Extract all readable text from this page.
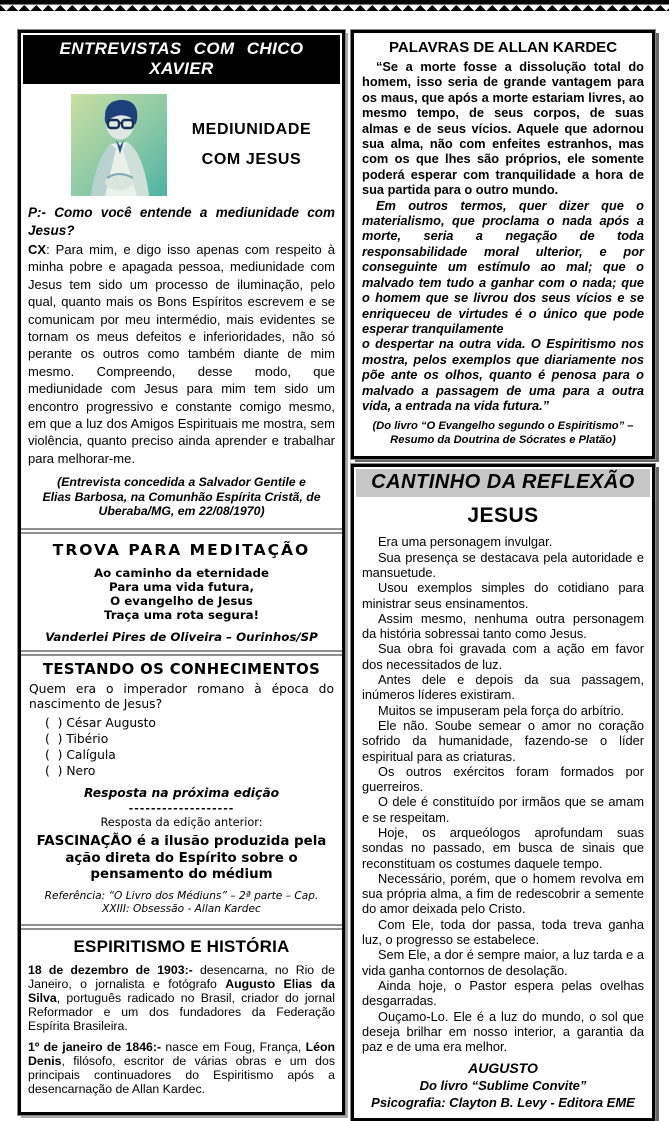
ENTREVISTAS COM CHICO XAVIER
MEDIUNIDADE
COM JESUS

P:- Como você entende a mediunidade com Jesus?

CX: Para mim, e digo isso apenas com respeito à minha pobre e apagada pessoa, mediunidade com Jesus tem sido um processo de iluminação, pelo qual, quanto mais os Bons Espíritos escrevem e se comunicam por meu intermédio, mais evidentes se tornam os meus defeitos e inferioridades, não só perante os outros como também diante de mim mesmo. Compreendo, desse modo, que mediunidade com Jesus para mim tem sido um encontro progressivo e constante comigo mesmo, em que a luz dos Amigos Espirituais me mostra, sem violência, quanto preciso ainda aprender e trabalhar para melhorar-me.

(Entrevista concedida a Salvador Gentile e Elias Barbosa, na Comunhão Espírita Cristã, de Uberaba/MG, em 22/08/1970)

TROVA PARA MEDITAÇÃO
Ao caminho da eternidade
Para uma vida futura,
O evangelho de Jesus
Traça uma rota segura!
Vanderlei Pires de Oliveira – Ourinhos/SP
TESTANDO OS CONHECIMENTOS

Quem era o imperador romano à época do nascimento de Jesus?

(  ) César Augusto
(  ) Tibério
(  ) Calígula
(  ) Nero
Resposta na próxima edição
-------------------
Resposta da edição anterior:
FASCINAÇÃO é a ilusão produzida pela ação direta do Espírito sobre o pensamento do médium
Referência: “O Livro dos Médiuns” – 2ª parte – Cap. XXIII: Obsessão - Allan Kardec
ESPIRITISMO E HISTÓRIA

18 de dezembro de 1903:- desencarna, no Rio de Janeiro, o jornalista e fotógrafo Augusto Elias da Silva, português radicado no Brasil, criador do jornal Reformador e um dos fundadores da Federação Espírita Brasileira.

1º de janeiro de 1846:- nasce em Foug, França, Léon Denis, filósofo, escritor de várias obras e um dos principais continuadores do Espiritismo após a desencarnação de Allan Kardec.

PALAVRAS DE ALLAN KARDEC

“Se a morte fosse a dissolução total do homem, isso seria de grande vantagem para os maus, que após a morte estariam livres, ao mesmo tempo, de seus corpos, de suas almas e de seus vícios. Aquele que adornou sua alma, não com enfeites estranhos, mas com os que lhes são próprios, ele somente poderá esperar com tranquilidade a hora de sua partida para o outro mundo.

Em outros termos, quer dizer que o materialismo, que proclama o nada após a morte, seria a negação de toda responsabilidade moral ulterior, e por conseguinte um estímulo ao mal; que o malvado tem tudo a ganhar com o nada; que o homem que se livrou dos seus vícios e se enriqueceu de virtudes é o único que pode esperar tranquilamente

o despertar na outra vida. O Espiritismo nos mostra, pelos exemplos que diariamente nos põe ante os olhos, quanto é penosa para o malvado a passagem de uma para a outra vida, a entrada na vida futura.”

(Do livro “O Evangelho segundo o Espiritismo” – Resumo da Doutrina de Sócrates e Platão)
CANTINHO DA REFLEXÃO
JESUS

Era uma personagem invulgar.

Sua presença se destacava pela autoridade e mansuetude.

Usou exemplos simples do cotidiano para ministrar seus ensinamentos.

Assim mesmo, nenhuma outra personagem da história sobressai tanto como Jesus.

Sua obra foi gravada com a ação em favor dos necessitados de luz.

Antes dele e depois da sua passagem, inúmeros líderes existiram.

Muitos se impuseram pela força do arbítrio.

Ele não. Soube semear o amor no coração sofrido da humanidade, fazendo-se o líder espiritual para as criaturas.

Os outros exércitos foram formados por guerreiros.

O dele é constituído por irmãos que se amam e se respeitam.

Hoje, os arqueólogos aprofundam suas sondas no passado, em busca de sinais que reconstituam os costumes daquele tempo.

Necessário, porém, que o homem revolva em sua própria alma, a fim de redescobrir a semente do amor deixada pelo Cristo.

Com Ele, toda dor passa, toda treva ganha luz, o progresso se estabelece.

Sem Ele, a dor é sempre maior, a luz tarda e a vida ganha contornos de desolação.

Ainda hoje, o Pastor espera pelas ovelhas desgarradas.

Ouçamo-Lo. Ele é a luz do mundo, o sol que deseja brilhar em nosso interior, a garantia da paz e de uma era melhor.

AUGUSTO
Do livro “Sublime Convite”
Psicografia: Clayton B. Levy - Editora EME
